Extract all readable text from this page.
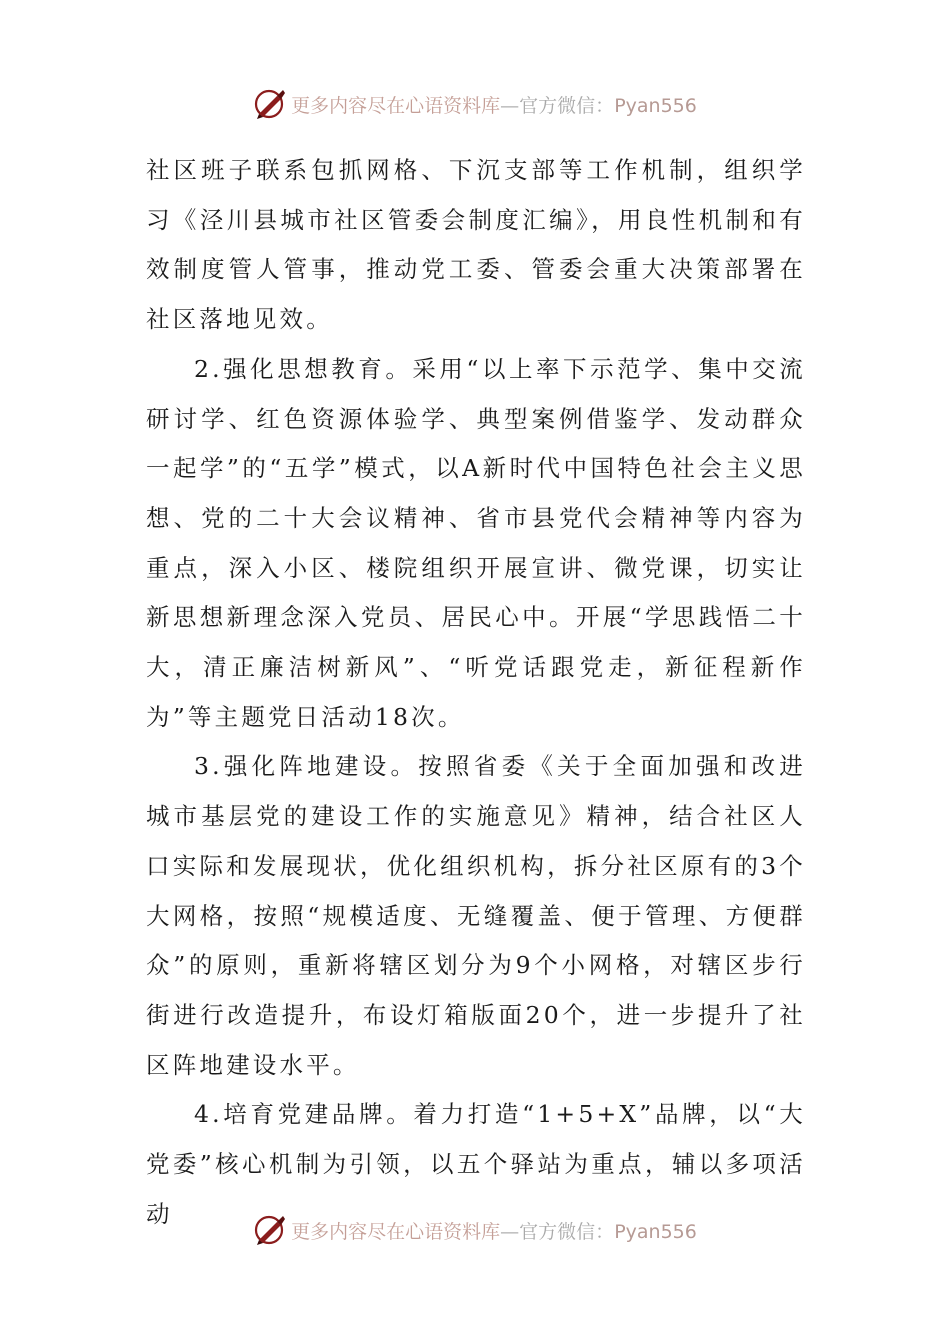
更多内容尽在心语资料库—官方微信：Pyan556

社区班子联系包抓网格、下沉支部等工作机制，组织学习《泾川县城市社区管委会制度汇编》，用良性机制和有效制度管人管事，推动党工委、管委会重大决策部署在社区落地见效。

2.强化思想教育。采用“以上率下示范学、集中交流研讨学、红色资源体验学、典型案例借鉴学、发动群众一起学”的“五学”模式，以A新时代中国特色社会主义思想、党的二十大会议精神、省市县党代会精神等内容为重点，深入小区、楼院组织开展宣讲、微党课，切实让新思想新理念深入党员、居民心中。开展“学思践悟二十大，清正廉洁树新风”、“听党话跟党走，新征程新作为”等主题党日活动18次。

3.强化阵地建设。按照省委《关于全面加强和改进城市基层党的建设工作的实施意见》精神，结合社区人口实际和发展现状，优化组织机构，拆分社区原有的3个大网格，按照“规模适度、无缝覆盖、便于管理、方便群众”的原则，重新将辖区划分为9个小网格，对辖区步行街进行改造提升，布设灯箱版面20个，进一步提升了社区阵地建设水平。

4.培育党建品牌。着力打造“1+5+X”品牌，以“大党委”核心机制为引领，以五个驿站为重点，辅以多项活动

更多内容尽在心语资料库—官方微信：Pyan556
